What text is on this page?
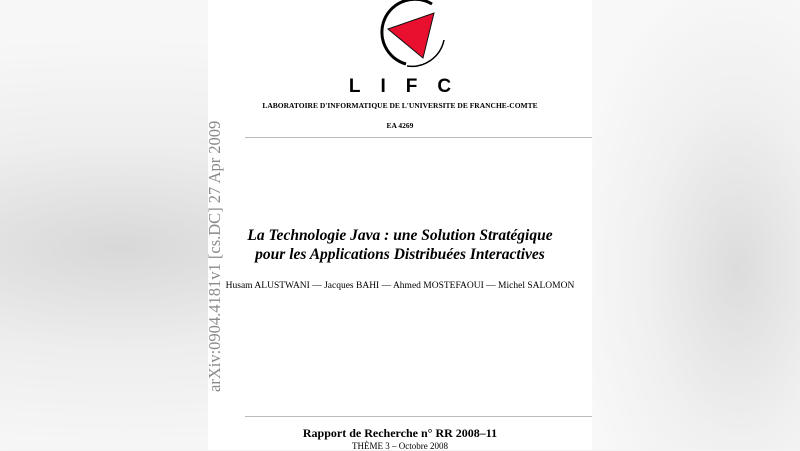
LIFC
LABORATOIRE D'INFORMATIQUE DE L'UNIVERSITE DE FRANCHE-COMTE
EA 4269
arXiv:0904.4181v1 [cs.DC] 27 Apr 2009	La Technologie Java : une Solution Stratégique
pour les Applications Distribuées Interactives
Husam ALUSTWANI — Jacques BAHI — Ahmed MOSTEFAOUI — Michel SALOMON
Rapport de Recherche n° RR 2008–11
THÈME 3 – Octobre 2008
